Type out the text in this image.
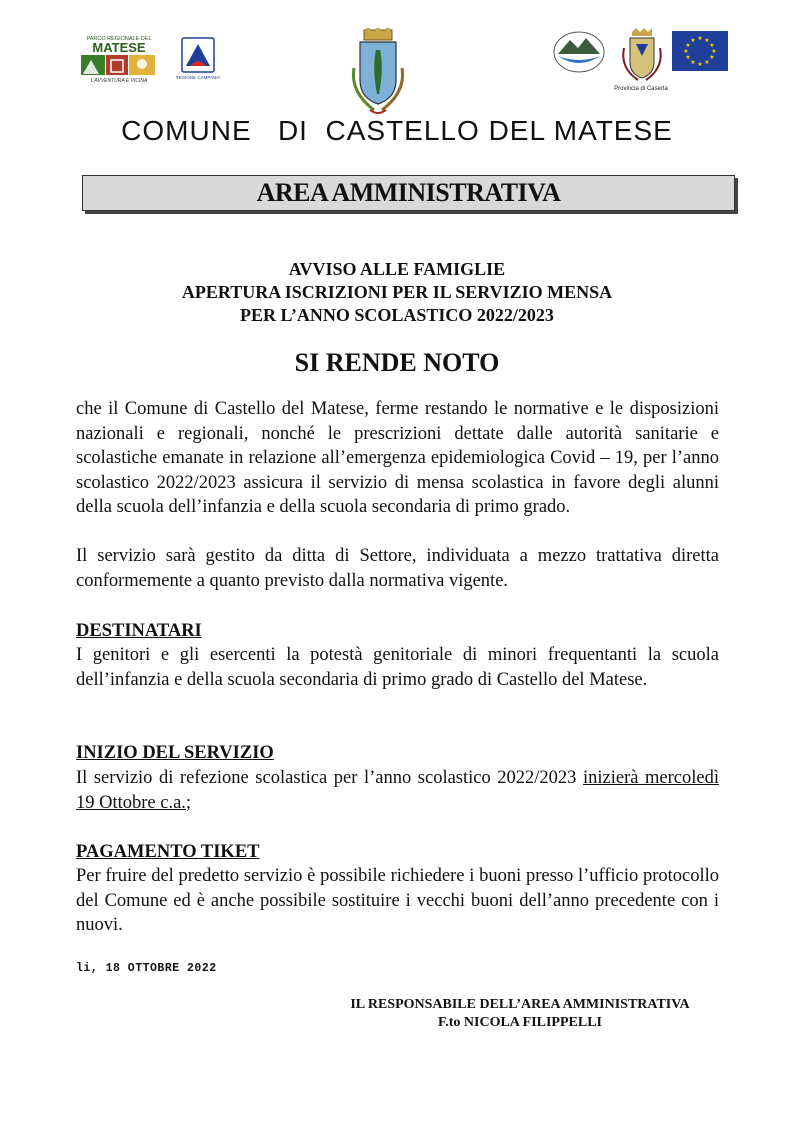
PARCO REGIONALE DEL
MATESE
L'AVVENTURA E VICINA
REGIONE CAMPANIA
Provincia di Caserta
★ ★
★
★
★
★
★
★
★
★
★
★
COMUNE   DI  CASTELLO DEL MATESE
AREA AMMINISTRATIVA
AVVISO ALLE FAMIGLIE
APERTURA ISCRIZIONI PER IL SERVIZIO MENSA
PER L’ANNO SCOLASTICO 2022/2023
SI RENDE NOTO
che il Comune di Castello del Matese, ferme restando le normative e le disposizioni nazionali e regionali, nonché le prescrizioni dettate dalle autorità sanitarie e scolastiche emanate in relazione all’emergenza epidemiologica Covid – 19, per l’anno scolastico 2022/2023 assicura il servizio di mensa scolastica in favore degli alunni della scuola dell’infanzia e della scuola secondaria di primo grado.
Il servizio sarà gestito da ditta di Settore, individuata a mezzo trattativa diretta conformemente a quanto previsto dalla normativa vigente.
DESTINATARI
I genitori e gli esercenti la potestà genitoriale di minori frequentanti la scuola dell’infanzia e della scuola secondaria di primo grado di Castello del Matese.
INIZIO DEL SERVIZIO
Il servizio di refezione scolastica per l’anno scolastico 2022/2023 inizierà mercoledì 19 Ottobre c.a.;
PAGAMENTO TIKET
Per fruire del predetto servizio è possibile richiedere i buoni presso l’ufficio protocollo del Comune ed è anche possibile sostituire i vecchi buoni dell’anno precedente con i nuovi.
li, 18 OTTOBRE 2022
IL RESPONSABILE DELL’AREA AMMINISTRATIVA
F.to NICOLA FILIPPELLI
